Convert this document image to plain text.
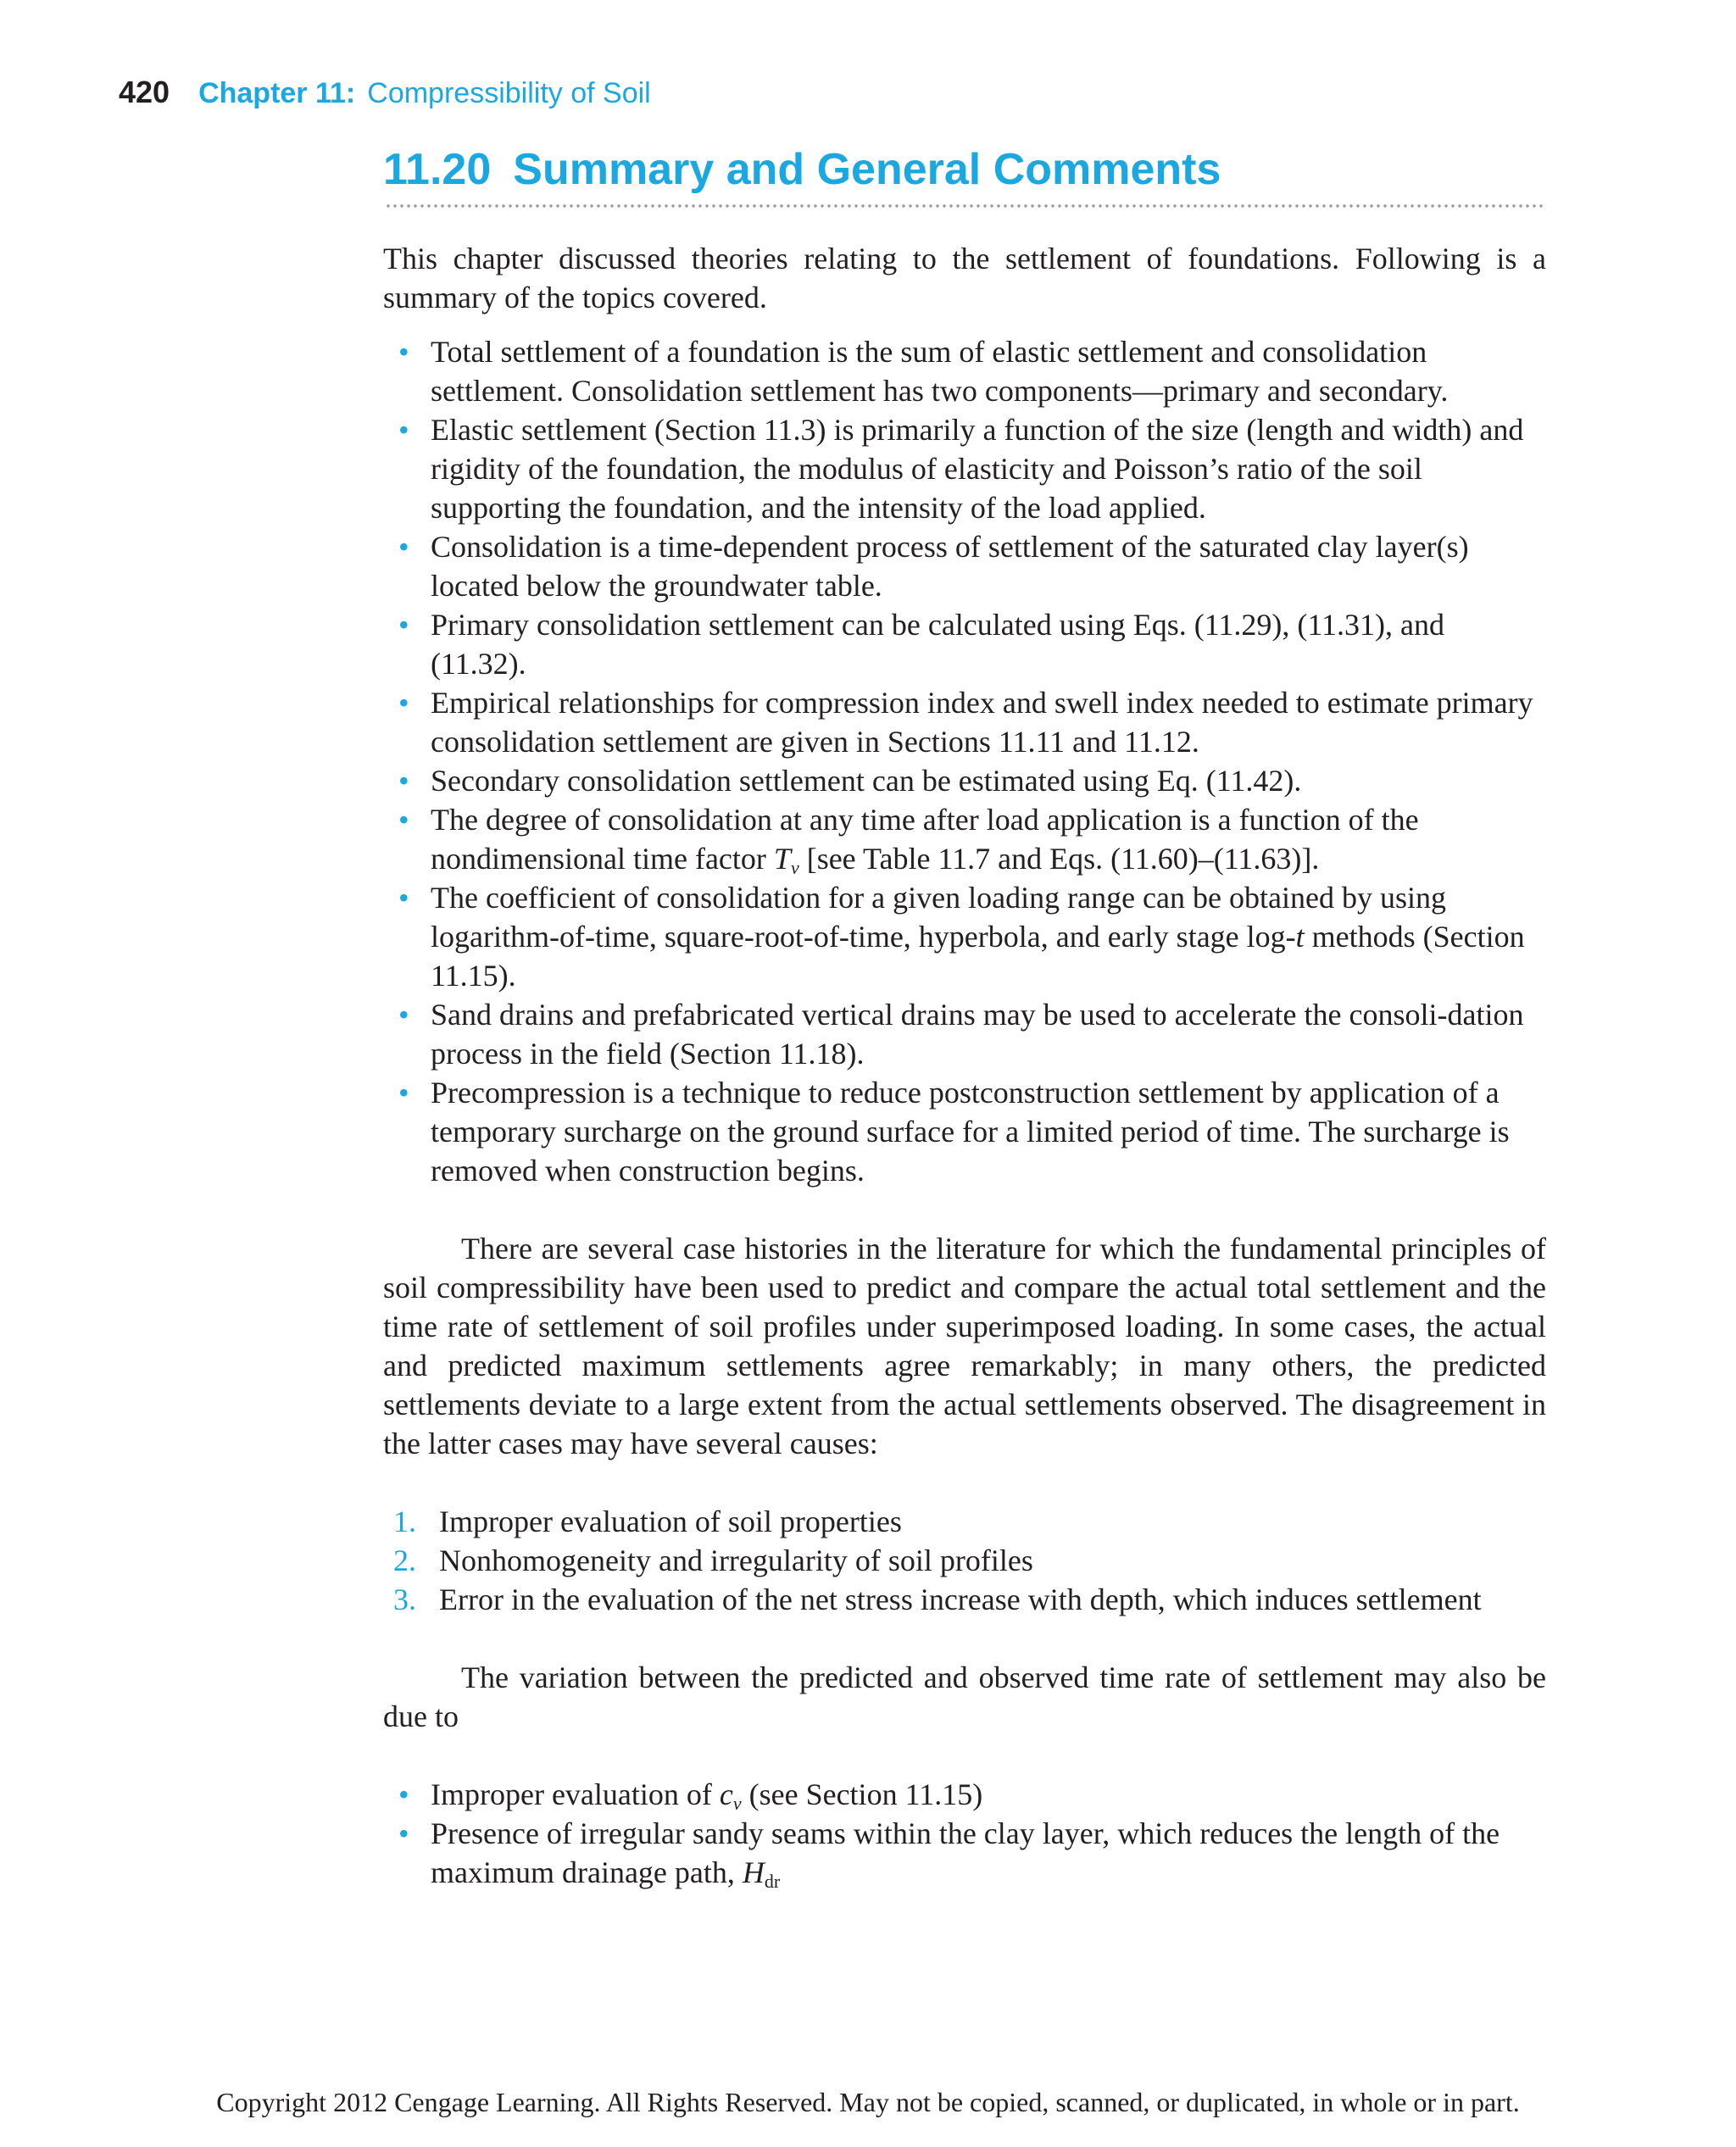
420 Chapter 11: Compressibility of Soil
11.20 Summary and General Comments

This chapter discussed theories relating to the settlement of foundations. Following is a summary of the topics covered.

• Total settlement of a foundation is the sum of elastic settlement and consolidation settlement. Consolidation settlement has two components—primary and secondary.
• Elastic settlement (Section 11.3) is primarily a function of the size (length and width) and rigidity of the foundation, the modulus of elasticity and Poisson’s ratio of the soil supporting the foundation, and the intensity of the load applied.
• Consolidation is a time-dependent process of settlement of the saturated clay layer(s) located below the groundwater table.
• Primary consolidation settlement can be calculated using Eqs. (11.29), (11.31), and (11.32).
• Empirical relationships for compression index and swell index needed to estimate primary consolidation settlement are given in Sections 11.11 and 11.12.
• Secondary consolidation settlement can be estimated using Eq. (11.42).
• The degree of consolidation at any time after load application is a function of the nondimensional time factor $T_v$ [see Table 11.7 and Eqs. (11.60)–(11.63)].
• The coefficient of consolidation for a given loading range can be obtained by using logarithm-of-time, square-root-of-time, hyperbola, and early stage log-t methods (Section 11.15).
• Sand drains and prefabricated vertical drains may be used to accelerate the consoli-dation process in the field (Section 11.18).
• Precompression is a technique to reduce postconstruction settlement by application of a temporary surcharge on the ground surface for a limited period of time. The surcharge is removed when construction begins.

There are several case histories in the literature for which the fundamental principles of soil compressibility have been used to predict and compare the actual total settlement and the time rate of settlement of soil profiles under superimposed loading. In some cases, the actual and predicted maximum settlements agree remarkably; in many others, the predicted settlements deviate to a large extent from the actual settlements observed. The disagreement in the latter cases may have several causes:

1. Improper evaluation of soil properties
2. Nonhomogeneity and irregularity of soil profiles
3. Error in the evaluation of the net stress increase with depth, which induces settlement

The variation between the predicted and observed time rate of settlement may also be due to

• Improper evaluation of $c_v$ (see Section 11.15)
• Presence of irregular sandy seams within the clay layer, which reduces the length of the maximum drainage path, $H_{dr}$
Copyright 2012 Cengage Learning. All Rights Reserved. May not be copied, scanned, or duplicated, in whole or in part.
